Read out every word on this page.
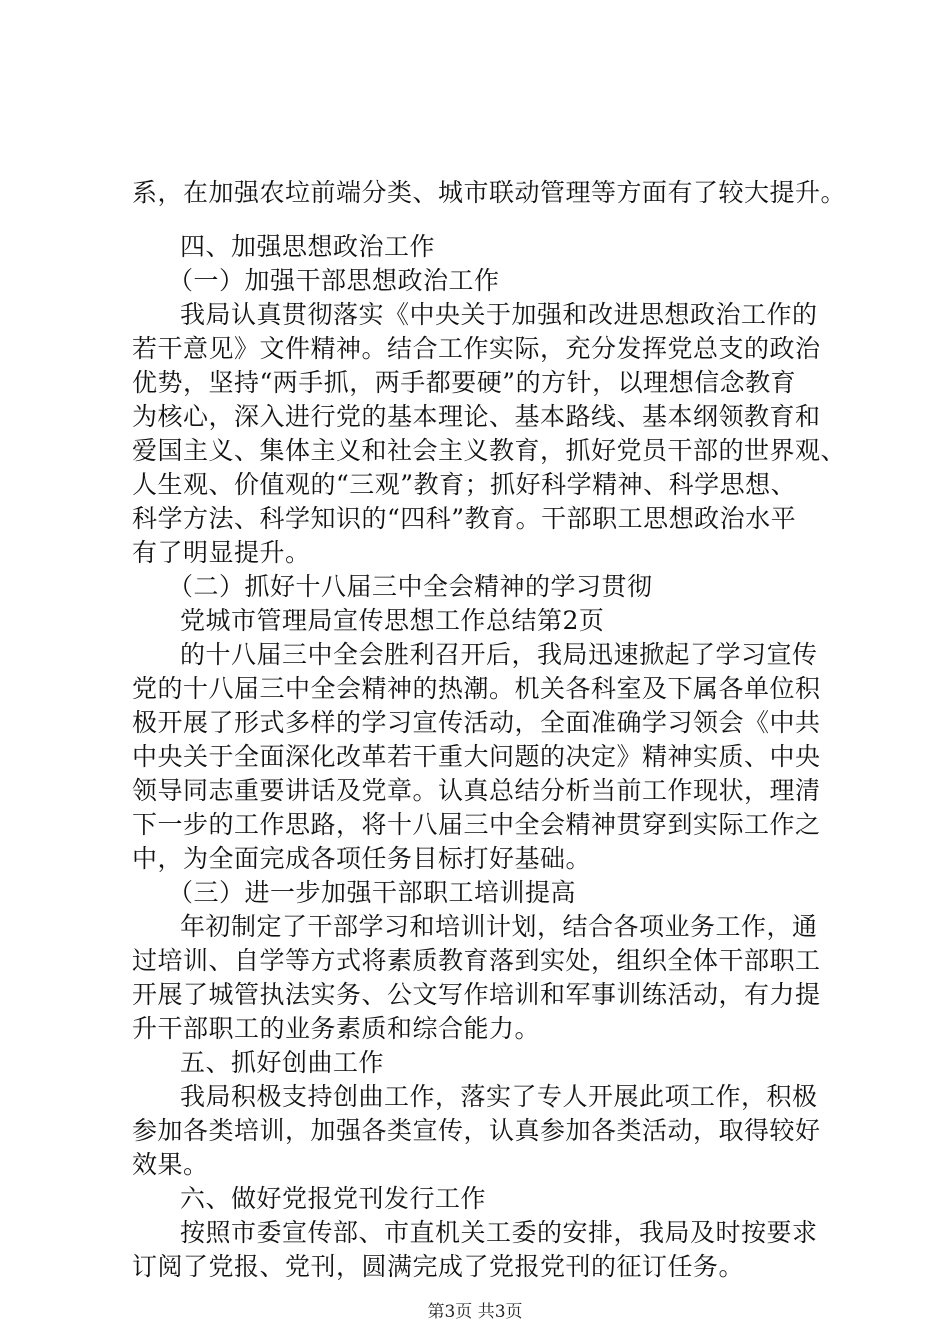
系，在加强农垃前端分类、城市联动管理等方面有了较大提升。
四、加强思想政治工作
（一）加强干部思想政治工作
我局认真贯彻落实《中央关于加强和改进思想政治工作的
若干意见》文件精神。结合工作实际，充分发挥党总支的政治
优势，坚持“两手抓，两手都要硬”的方针，以理想信念教育
为核心，深入进行党的基本理论、基本路线、基本纲领教育和
爱国主义、集体主义和社会主义教育，抓好党员干部的世界观、
人生观、价值观的“三观”教育；抓好科学精神、科学思想、
科学方法、科学知识的“四科”教育。干部职工思想政治水平
有了明显提升。
（二）抓好十八届三中全会精神的学习贯彻
党城市管理局宣传思想工作总结第2页
的十八届三中全会胜利召开后，我局迅速掀起了学习宣传
党的十八届三中全会精神的热潮。机关各科室及下属各单位积
极开展了形式多样的学习宣传活动，全面准确学习领会《中共
中央关于全面深化改革若干重大问题的决定》精神实质、中央
领导同志重要讲话及党章。认真总结分析当前工作现状，理清
下一步的工作思路，将十八届三中全会精神贯穿到实际工作之
中，为全面完成各项任务目标打好基础。
（三）进一步加强干部职工培训提高
年初制定了干部学习和培训计划，结合各项业务工作，通
过培训、自学等方式将素质教育落到实处，组织全体干部职工
开展了城管执法实务、公文写作培训和军事训练活动，有力提
升干部职工的业务素质和综合能力。
五、抓好创曲工作
我局积极支持创曲工作，落实了专人开展此项工作，积极
参加各类培训，加强各类宣传，认真参加各类活动，取得较好
效果。
六、做好党报党刊发行工作
按照市委宣传部、市直机关工委的安排，我局及时按要求
订阅了党报、党刊，圆满完成了党报党刊的征订任务。
第3页 共3页
